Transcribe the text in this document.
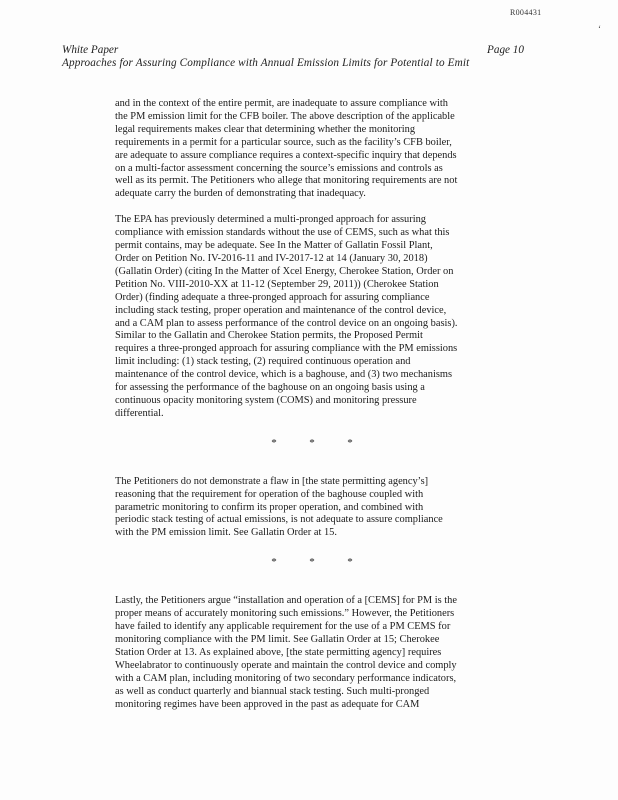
R004431
ʻ
White Paper	Page 10
Approaches for Assuring Compliance with Annual Emission Limits for Potential to Emit
and in the context of the entire permit, are inadequate to assure compliance with
the PM emission limit for the CFB boiler. The above description of the applicable
legal requirements makes clear that determining whether the monitoring
requirements in a permit for a particular source, such as the facility’s CFB boiler,
are adequate to assure compliance requires a context-specific inquiry that depends
on a multi-factor assessment concerning the source’s emissions and controls as
well as its permit. The Petitioners who allege that monitoring requirements are not
adequate carry the burden of demonstrating that inadequacy.
The EPA has previously determined a multi-pronged approach for assuring
compliance with emission standards without the use of CEMS, such as what this
permit contains, may be adequate. See In the Matter of Gallatin Fossil Plant,
Order on Petition No. IV-2016-11 and IV-2017-12 at 14 (January 30, 2018)
(Gallatin Order) (citing In the Matter of Xcel Energy, Cherokee Station, Order on
Petition No. VIII-2010-XX at 11-12 (September 29, 2011)) (Cherokee Station
Order) (finding adequate a three-pronged approach for assuring compliance
including stack testing, proper operation and maintenance of the control device,
and a CAM plan to assess performance of the control device on an ongoing basis).
Similar to the Gallatin and Cherokee Station permits, the Proposed Permit
requires a three-pronged approach for assuring compliance with the PM emissions
limit including: (1) stack testing, (2) required continuous operation and
maintenance of the control device, which is a baghouse, and (3) two mechanisms
for assessing the performance of the baghouse on an ongoing basis using a
continuous opacity monitoring system (COMS) and monitoring pressure
differential.
*	*	*
The Petitioners do not demonstrate a flaw in [the state permitting agency’s]
reasoning that the requirement for operation of the baghouse coupled with
parametric monitoring to confirm its proper operation, and combined with
periodic stack testing of actual emissions, is not adequate to assure compliance
with the PM emission limit. See Gallatin Order at 15.
*	*	*
Lastly, the Petitioners argue “installation and operation of a [CEMS] for PM is the
proper means of accurately monitoring such emissions.” However, the Petitioners
have failed to identify any applicable requirement for the use of a PM CEMS for
monitoring compliance with the PM limit. See Gallatin Order at 15; Cherokee
Station Order at 13. As explained above, [the state permitting agency] requires
Wheelabrator to continuously operate and maintain the control device and comply
with a CAM plan, including monitoring of two secondary performance indicators,
as well as conduct quarterly and biannual stack testing. Such multi-pronged
monitoring regimes have been approved in the past as adequate for CAM
